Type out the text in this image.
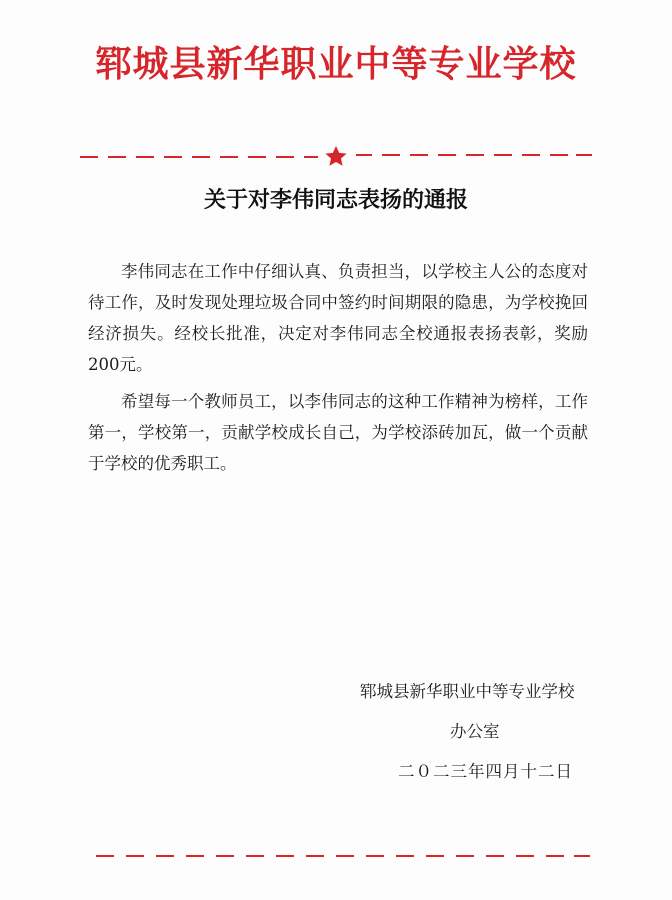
郓城县新华职业中等专业学校
关于对李伟同志表扬的通报

李伟同志在工作中仔细认真、负责担当，以学校主人公的态度对待工作，及时发现处理垃圾合同中签约时间期限的隐患，为学校挽回经济损失。经校长批准，决定对李伟同志全校通报表扬表彰，奖励200元。

希望每一个教师员工，以李伟同志的这种工作精神为榜样，工作第一，学校第一，贡献学校成长自己，为学校添砖加瓦，做一个贡献于学校的优秀职工。

郓城县新华职业中等专业学校
办公室
二０二三年四月十二日
